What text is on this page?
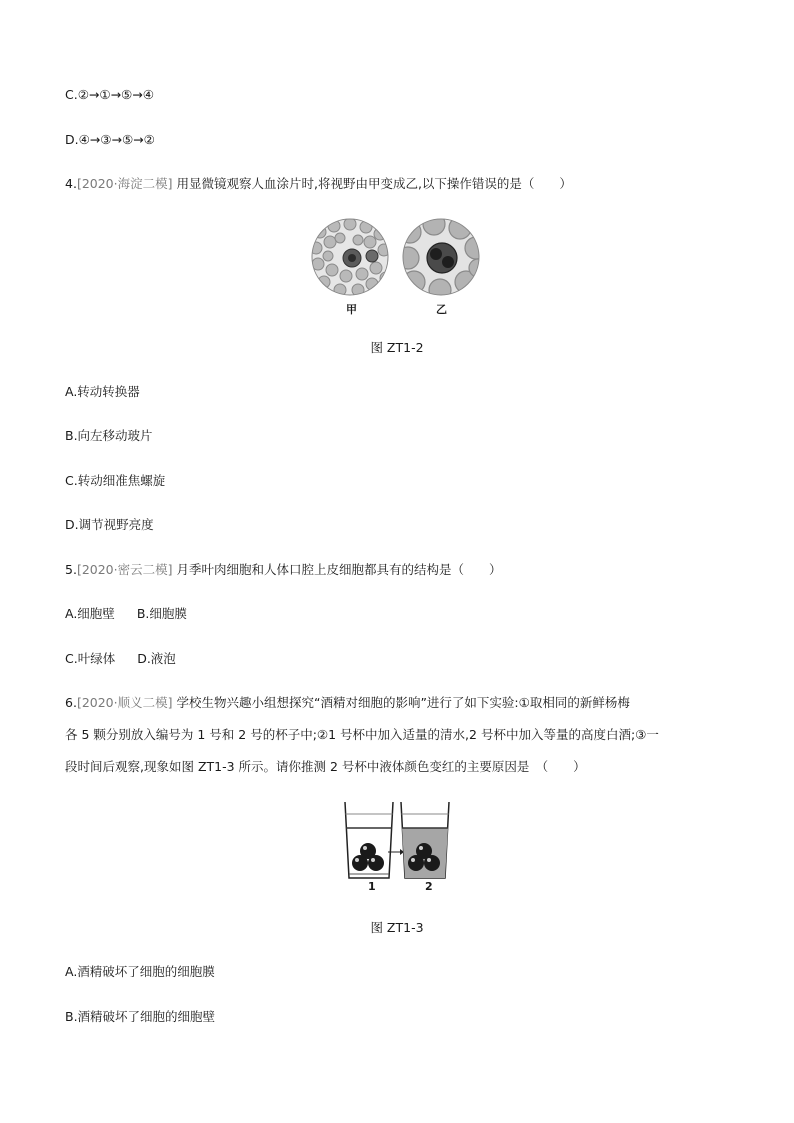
C.②→①→⑤→④
D.④→③→⑤→②
4.[2020·海淀二模] 用显微镜观察人血涂片时,将视野由甲变成乙,以下操作错误的是（　　）
甲	乙
图 ZT1-2
A.转动转换器
B.向左移动玻片
C.转动细准焦螺旋
D.调节视野亮度
5.[2020·密云二模] 月季叶肉细胞和人体口腔上皮细胞都具有的结构是（　　）
A.细胞壁 B.细胞膜
C.叶绿体 D.液泡
6.[2020·顺义二模] 学校生物兴趣小组想探究“酒精对细胞的影响”进行了如下实验:①取相同的新鲜杨梅
各 5 颗分别放入编号为 1 号和 2 号的杯子中;②1 号杯中加入适量的清水,2 号杯中加入等量的高度白酒;③一
段时间后观察,现象如图 ZT1-3 所示。请你推测 2 号杯中液体颜色变红的主要原因是　（　　）
1	2
图 ZT1-3
A.酒精破坏了细胞的细胞膜
B.酒精破坏了细胞的细胞壁
